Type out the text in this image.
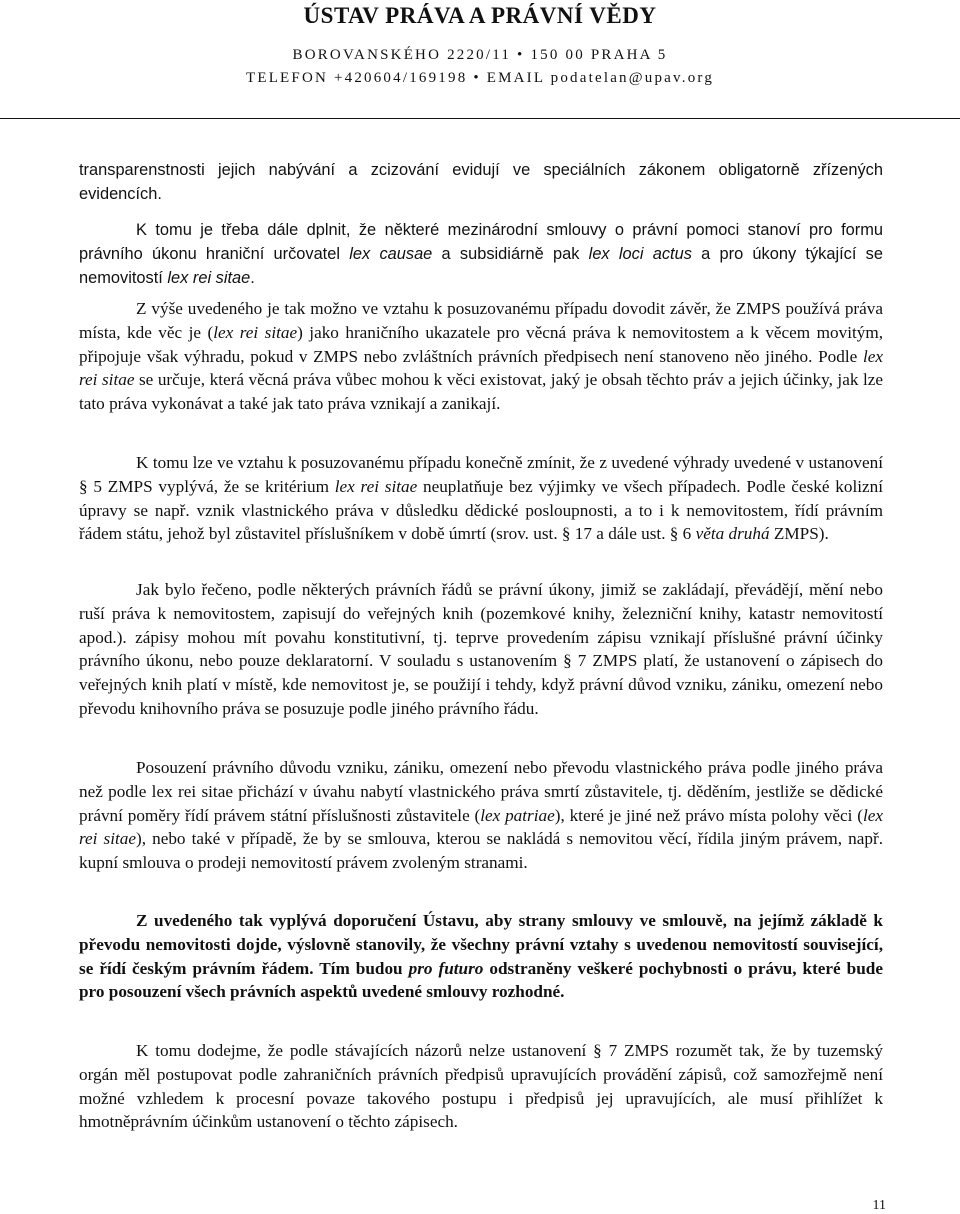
ÚSTAV PRÁVA A PRÁVNÍ VĚDY
BOROVANSKÉHO 2220/11 • 150 00 PRAHA 5
TELEFON +420604/169198 • EMAIL podatelan@upav.org

transparenstnosti jejich nabývání a zcizování evidují ve speciálních zákonem obligatorně zřízených evidencích.

K tomu je třeba dále dplnit, že některé mezinárodní smlouvy o právní pomoci stanoví pro formu právního úkonu hraniční určovatel lex causae a subsidiárně pak lex loci actus a pro úkony týkající se nemovitostí lex rei sitae.

Z výše uvedeného je tak možno ve vztahu k posuzovanému případu dovodit závěr, že ZMPS používá práva místa, kde věc je (lex rei sitae) jako hraničního ukazatele pro věcná práva k nemovitostem a k věcem movitým, připojuje však výhradu, pokud v ZMPS nebo zvláštních právních předpisech není stanoveno něo jiného. Podle lex rei sitae se určuje, která věcná práva vůbec mohou k věci existovat, jaký je obsah těchto práv a jejich účinky, jak lze tato práva vykonávat a také jak tato práva vznikají a zanikají.

K tomu lze ve vztahu k posuzovanému případu konečně zmínit, že z uvedené výhrady uvedené v ustanovení § 5 ZMPS vyplývá, že se kritérium lex rei sitae neuplatňuje bez výjimky ve všech případech. Podle české kolizní úpravy se např. vznik vlastnického práva v důsledku dědické posloupnosti, a to i k nemovitostem, řídí právním řádem státu, jehož byl zůstavitel příslušníkem v době úmrtí (srov. ust. § 17 a dále ust. § 6 věta druhá ZMPS).

Jak bylo řečeno, podle některých právních řádů se právní úkony, jimiž se zakládají, převádějí, mění nebo ruší práva k nemovitostem, zapisují do veřejných knih (pozemkové knihy, železniční knihy, katastr nemovitostí apod.). zápisy mohou mít povahu konstitutivní, tj. teprve provedením zápisu vznikají příslušné právní účinky právního úkonu, nebo pouze deklaratorní. V souladu s ustanovením § 7 ZMPS platí, že ustanovení o zápisech do veřejných knih platí v místě, kde nemovitost je, se použijí i tehdy, když právní důvod vzniku, zániku, omezení nebo převodu knihovního práva se posuzuje podle jiného právního řádu.

Posouzení právního důvodu vzniku, zániku, omezení nebo převodu vlastnického práva podle jiného práva než podle lex rei sitae přichází v úvahu nabytí vlastnického práva smrtí zůstavitele, tj. děděním, jestliže se dědické právní poměry řídí právem státní příslušnosti zůstavitele (lex patriae), které je jiné než právo místa polohy věci (lex rei sitae), nebo také v případě, že by se smlouva, kterou se nakládá s nemovitou věcí, řídila jiným právem, např. kupní smlouva o prodeji nemovitostí právem zvoleným stranami.

Z uvedeného tak vyplývá doporučení Ústavu, aby strany smlouvy ve smlouvě, na jejímž základě k převodu nemovitosti dojde, výslovně stanovily, že všechny právní vztahy s uvedenou nemovitostí související, se řídí českým právním řádem. Tím budou pro futuro odstraněny veškeré pochybnosti o právu, které bude pro posouzení všech právních aspektů uvedené smlouvy rozhodné.

K tomu dodejme, že podle stávajících názorů nelze ustanovení § 7 ZMPS rozumět tak, že by tuzemský orgán měl postupovat podle zahraničních právních předpisů upravujících provádění zápisů, což samozřejmě není možné vzhledem k procesní povaze takového postupu i předpisů jej upravujících, ale musí přihlížet k hmotněprávním účinkům ustanovení o těchto zápisech.

11
